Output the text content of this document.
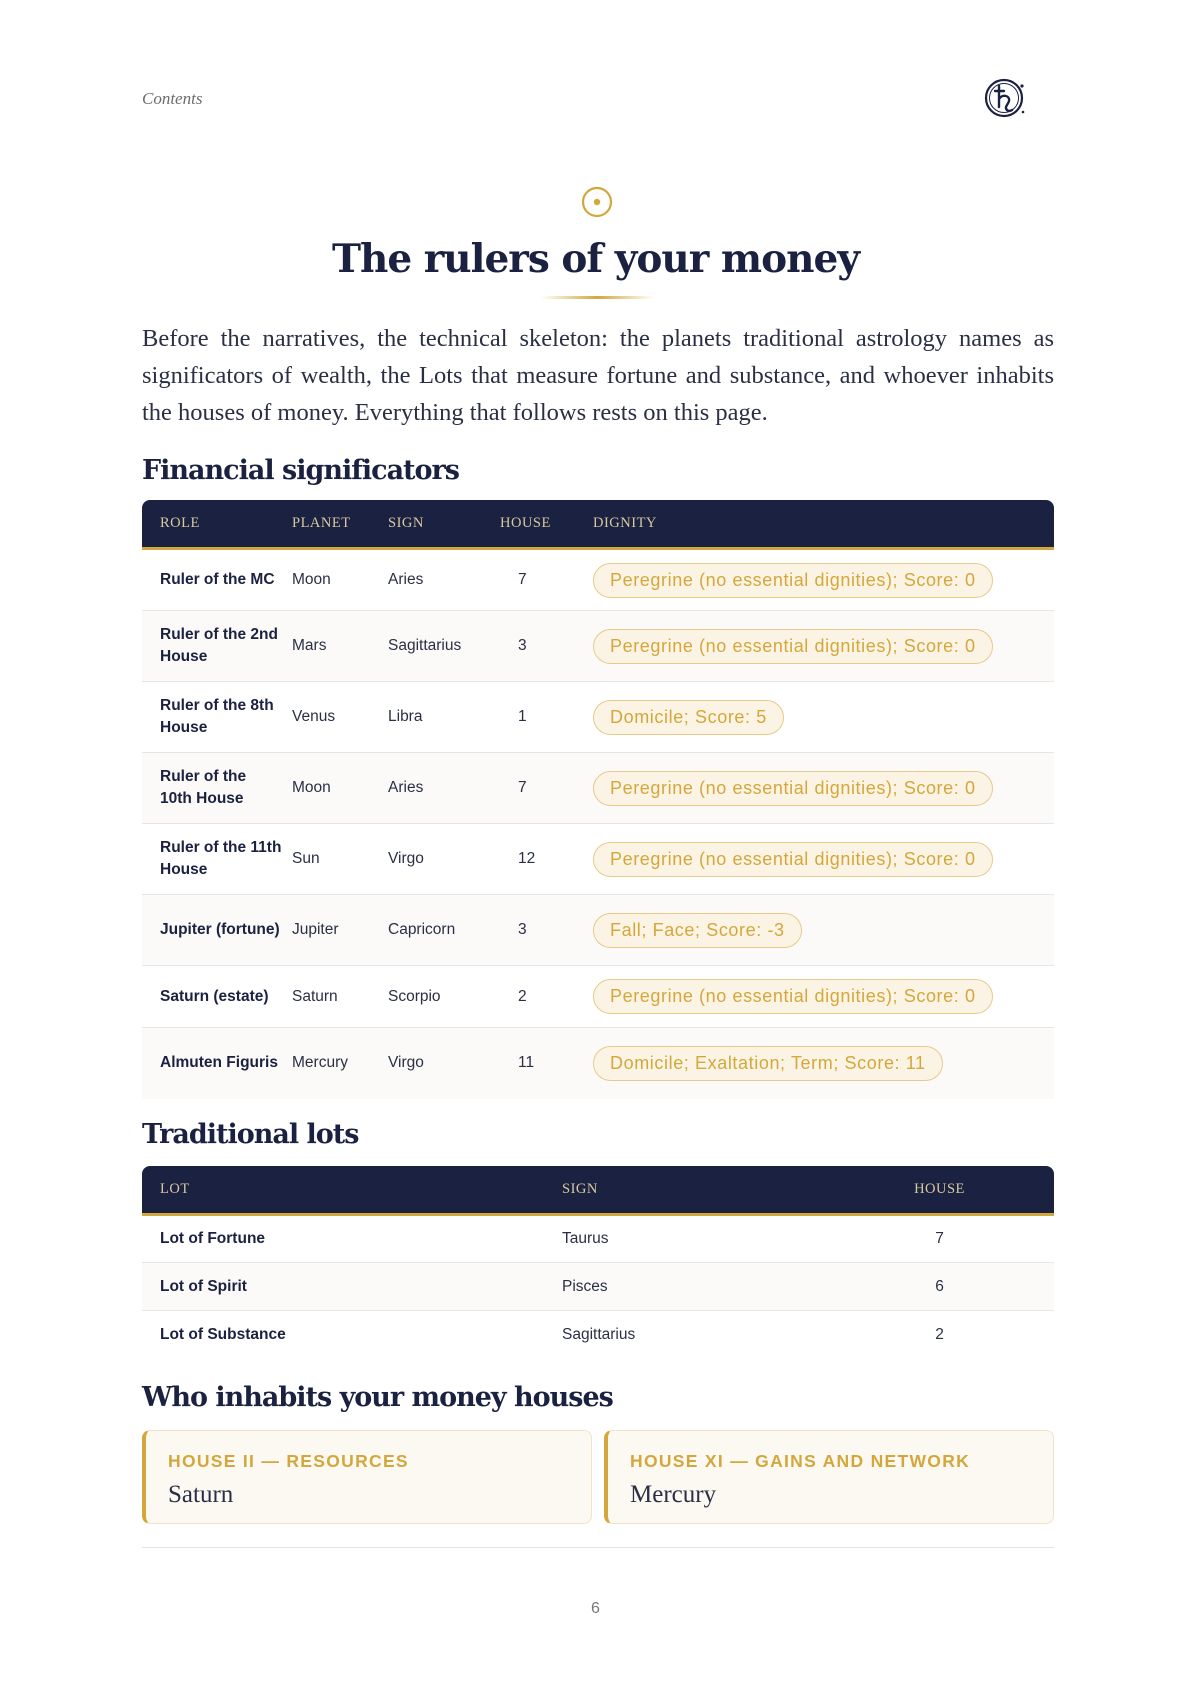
Contents
The rulers of your money

Before the narratives, the technical skeleton: the planets traditional astrology names as significators of wealth, the Lots that measure fortune and substance, and whoever inhabits the houses of money. Everything that follows rests on this page.

Financial significators
ROLE	PLANET	SIGN	HOUSE	DIGNITY
Ruler of the MC	Moon	Aries	7	Peregrine (no essential dignities); Score: 0
Ruler of the 2nd House	Mars	Sagittarius	3	Peregrine (no essential dignities); Score: 0
Ruler of the 8th House	Venus	Libra	1	Domicile; Score: 5
Ruler of the 10th House	Moon	Aries	7	Peregrine (no essential dignities); Score: 0
Ruler of the 11th House	Sun	Virgo	12	Peregrine (no essential dignities); Score: 0
Jupiter (fortune)	Jupiter	Capricorn	3	Fall; Face; Score: -3
Saturn (estate)	Saturn	Scorpio	2	Peregrine (no essential dignities); Score: 0
Almuten Figuris	Mercury	Virgo	11	Domicile; Exaltation; Term; Score: 11
Traditional lots
LOT	SIGN	HOUSE
Lot of Fortune	Taurus	7
Lot of Spirit	Pisces	6
Lot of Substance	Sagittarius	2
Who inhabits your money houses
HOUSE II — RESOURCES
Saturn
HOUSE XI — GAINS AND NETWORK
Mercury
6
